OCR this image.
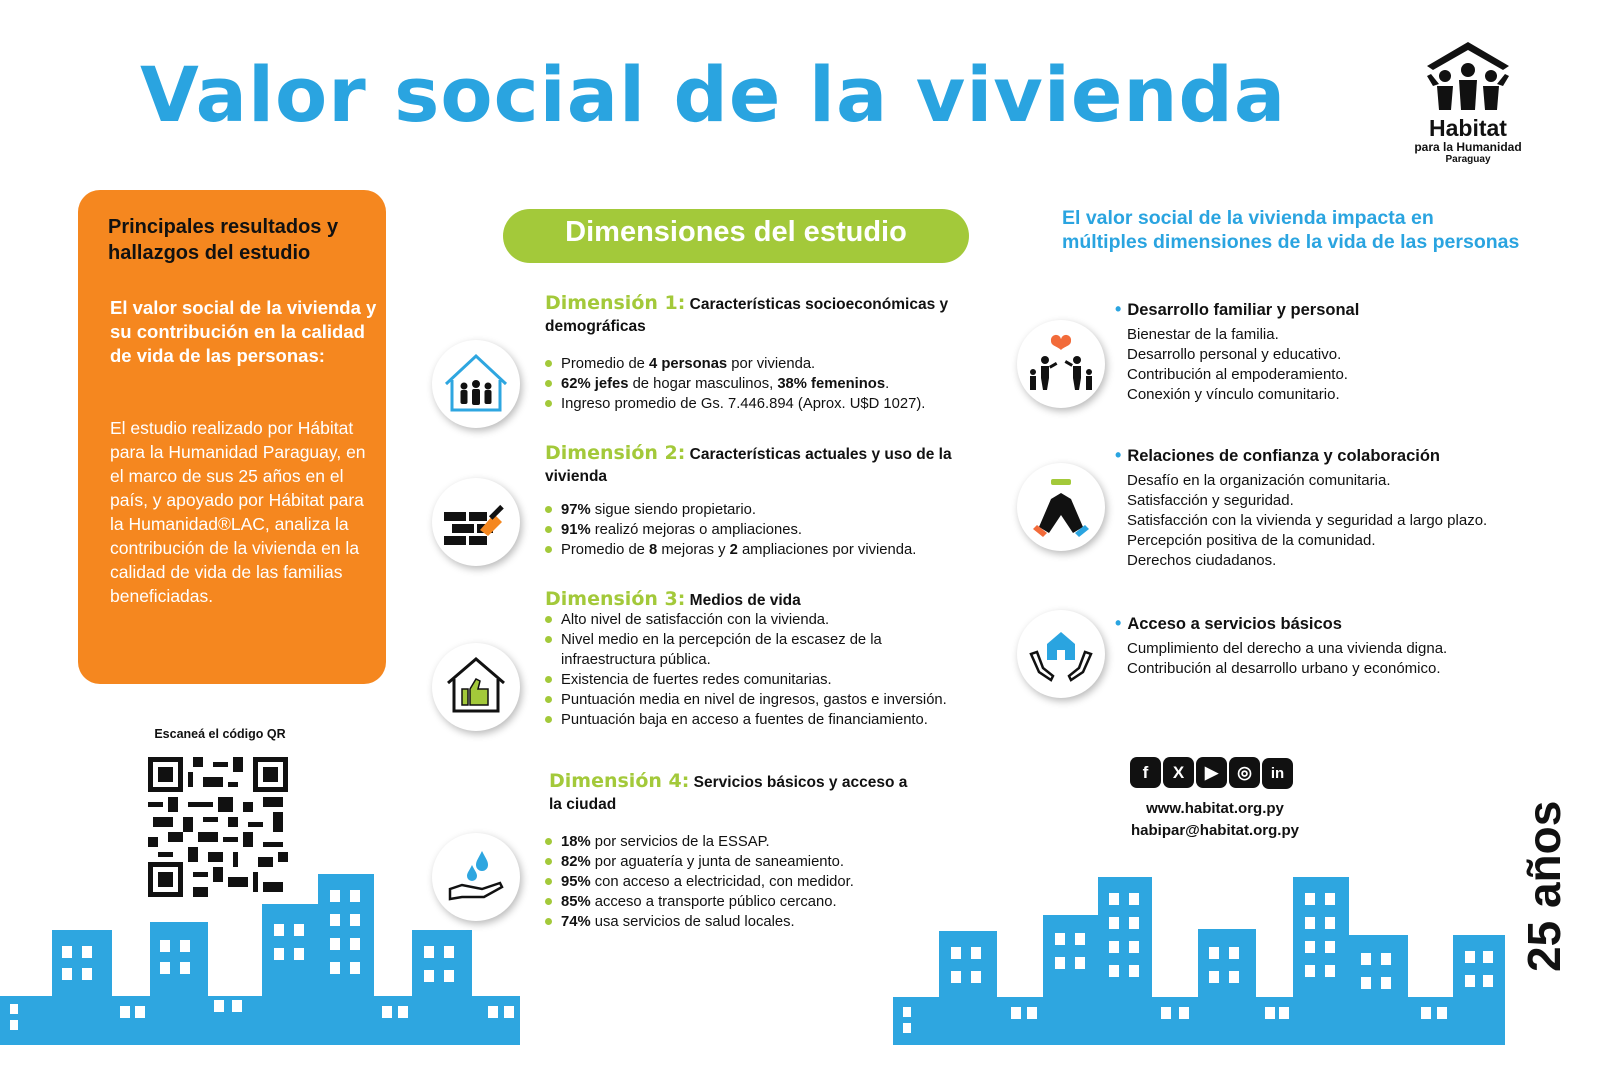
Valor social de la vivienda	Habitat
para la Humanidad
Paraguay
Principales resultados y hallazgos del estudio
El valor social de la vivienda y su contribución en la calidad de vida de las personas:
El estudio realizado por Hábitat para la Humanidad Paraguay, en el marco de sus 25 años en el país, y apoyado por Hábitat para la Humanidad®LAC, analiza la contribución de la vivienda en la calidad de vida de las familias beneficiadas.
Escaneá el código QR
Dimensiones del estudio
Dimensión 1: Características socioeconómicas y demográficas
Promedio de 4 personas por vivienda.
62% jefes de hogar masculinos, 38% femeninos.
Ingreso promedio de Gs. 7.446.894 (Aprox. U$D 1027).
Dimensión 2: Características actuales y uso de la vivienda
97% sigue siendo propietario.
91% realizó mejoras o ampliaciones.
Promedio de 8 mejoras y 2 ampliaciones por vivienda.
Dimensión 3: Medios de vida
Alto nivel de satisfacción con la vivienda.
Nivel medio en la percepción de la escasez de la infraestructura pública.
Existencia de fuertes redes comunitarias.
Puntuación media en nivel de ingresos, gastos e inversión.
Puntuación baja en acceso a fuentes de financiamiento.
Dimensión 4: Servicios básicos y acceso a la ciudad
18% por servicios de la ESSAP.
82% por aguatería y junta de saneamiento.
95% con acceso a electricidad, con medidor.
85% acceso a transporte público cercano.
74% usa servicios de salud locales.
El valor social de la vivienda impacta en múltiples dimensiones de la vida de las personas
• Desarrollo familiar y personal
Bienestar de la familia.
Desarrollo personal y educativo.
Contribución al empoderamiento.
Conexión y vínculo comunitario.
• Relaciones de confianza y colaboración
Desafío en la organización comunitaria.
Satisfacción y seguridad.
Satisfacción con la vivienda y seguridad a largo plazo.
Percepción positiva de la comunidad.
Derechos ciudadanos.
• Acceso a servicios básicos
Cumplimiento del derecho a una vivienda digna.
Contribución al desarrollo urbano y económico.
f X ▶ ◎ in
www.habitat.org.py
habipar@habitat.org.py	25 años
